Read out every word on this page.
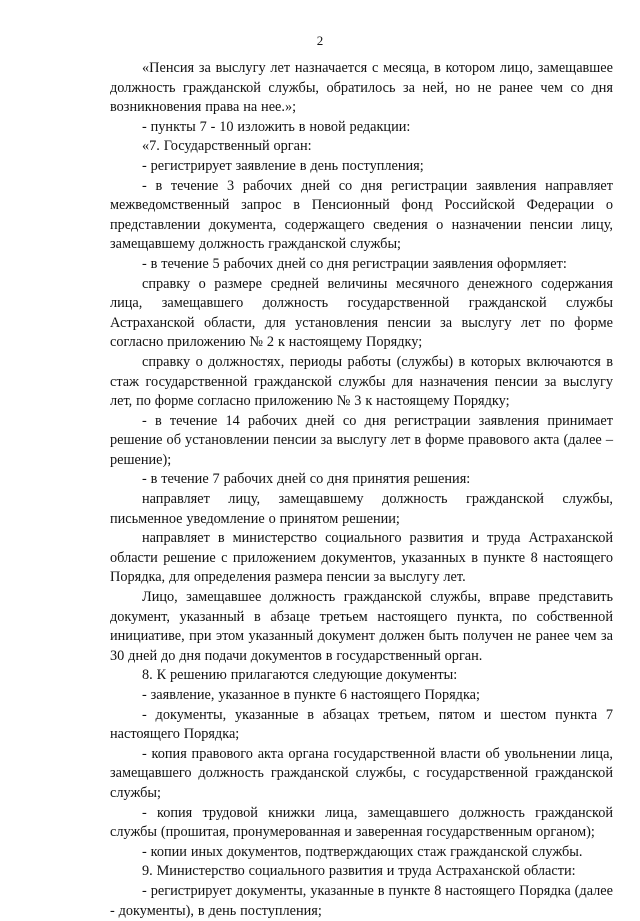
2

«Пенсия за выслугу лет назначается с месяца, в котором лицо, замещавшее должность гражданской службы, обратилось за ней, но не ранее чем со дня возникновения права на нее.»;

- пункты 7 - 10 изложить в новой редакции:

«7. Государственный орган:

- регистрирует заявление в день поступления;

- в течение 3 рабочих дней со дня регистрации заявления направляет межведомственный запрос в Пенсионный фонд Российской Федерации о представлении документа, содержащего сведения о назначении пенсии лицу, замещавшему должность гражданской службы;

- в течение 5 рабочих дней со дня регистрации заявления оформляет:

справку о размере средней величины месячного денежного содержания лица, замещавшего должность государственной гражданской службы Астраханской области, для установления пенсии за выслугу лет по форме согласно приложению № 2 к настоящему Порядку;

справку о должностях, периоды работы (службы) в которых включаются в стаж государственной гражданской службы для назначения пенсии за выслугу лет, по форме согласно приложению № 3 к настоящему Порядку;

- в течение 14 рабочих дней со дня регистрации заявления принимает решение об установлении пенсии за выслугу лет в форме правового акта (далее – решение);

- в течение 7 рабочих дней со дня принятия решения:

направляет лицу, замещавшему должность гражданской службы, письменное уведомление о принятом решении;

направляет в министерство социального развития и труда Астраханской области решение с приложением документов, указанных в пункте 8 настоящего Порядка, для определения размера пенсии за выслугу лет.

Лицо, замещавшее должность гражданской службы, вправе представить документ, указанный в абзаце третьем настоящего пункта, по собственной инициативе, при этом указанный документ должен быть получен не ранее чем за 30 дней до дня подачи документов в государственный орган.

8. К решению прилагаются следующие документы:

- заявление, указанное в пункте 6 настоящего Порядка;

- документы, указанные в абзацах третьем, пятом и шестом пункта 7 настоящего Порядка;

- копия правового акта органа государственной власти об увольнении лица, замещавшего должность гражданской службы, с государственной гражданской службы;

- копия трудовой книжки лица, замещавшего должность гражданской службы (прошитая, пронумерованная и заверенная государственным органом);

- копии иных документов, подтверждающих стаж гражданской службы.

9. Министерство социального развития и труда Астраханской области:

- регистрирует документы, указанные в пункте 8 настоящего Порядка (далее - документы), в день поступления;
